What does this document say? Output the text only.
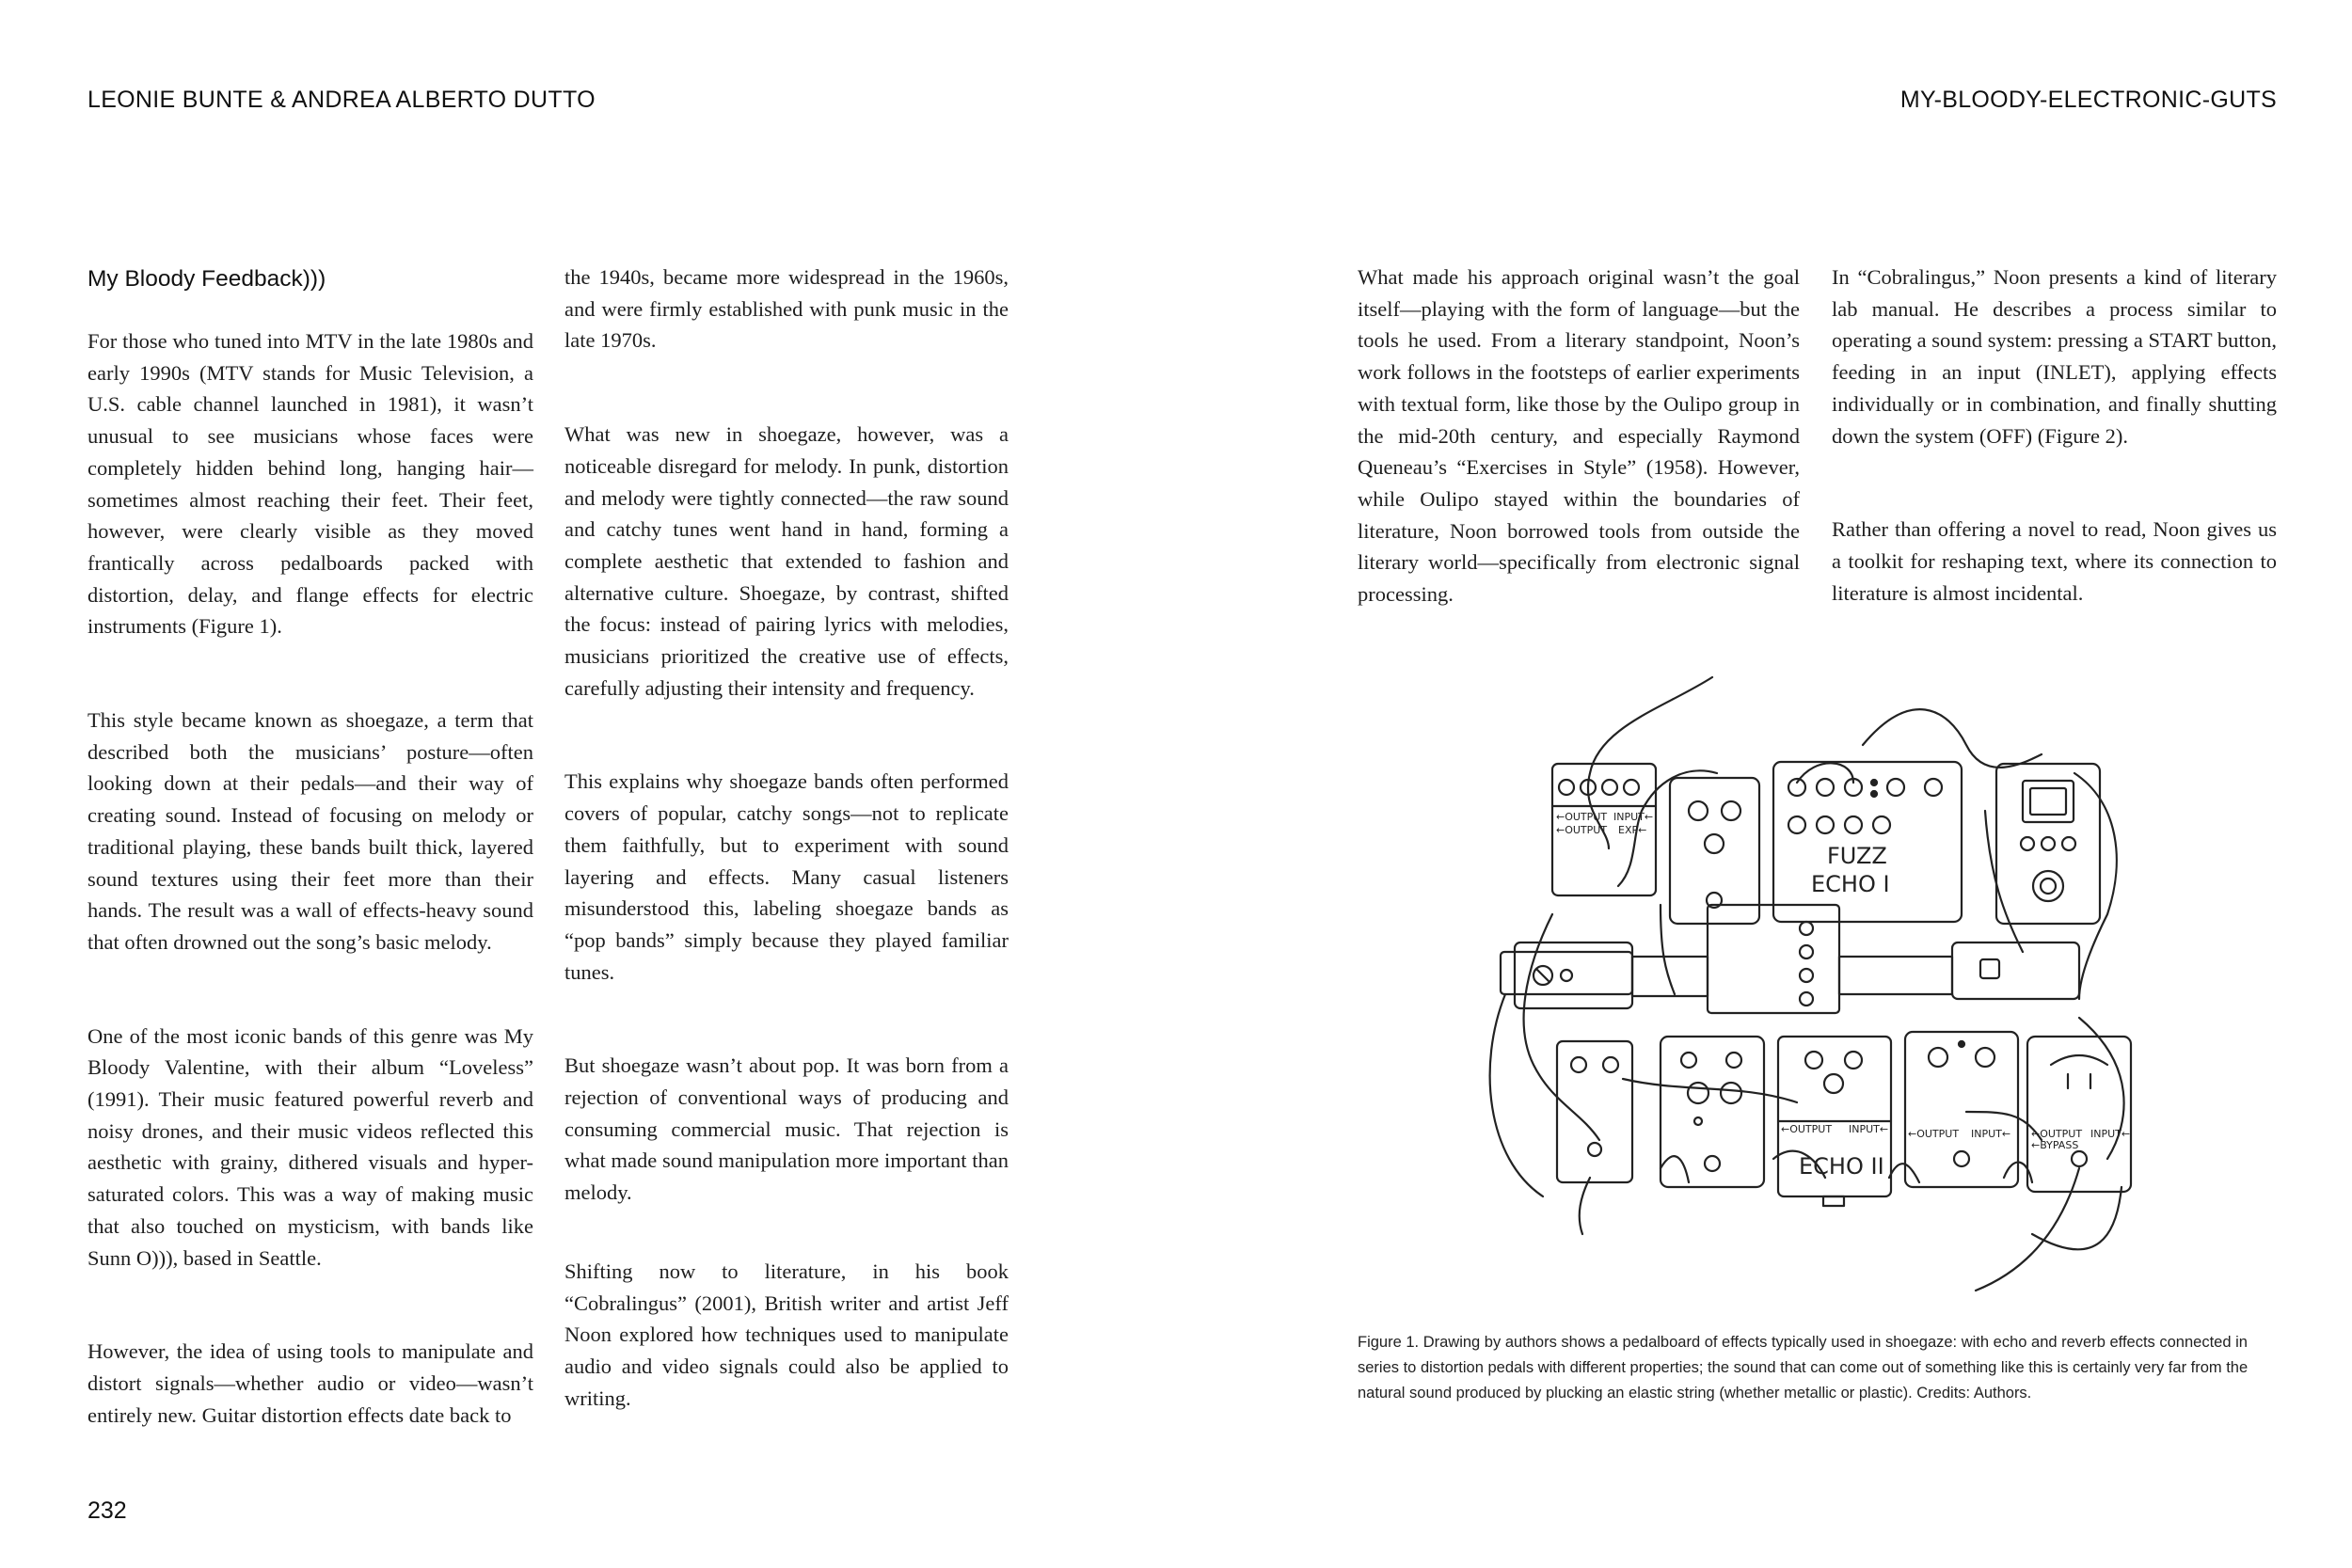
LEONIE BUNTE & ANDREA ALBERTO DUTTO
My Bloody Feedback)))

For those who tuned into MTV in the late 1980s and early 1990s (MTV stands for Music Television, a U.S. cable channel launched in 1981), it wasn’t unusual to see musicians whose faces were completely hidden behind long, hanging hair—sometimes almost reaching their feet. Their feet, however, were clearly visible as they moved frantically across pedalboards packed with distortion, delay, and flange effects for electric instruments (Figure 1).

This style became known as shoegaze, a term that described both the musicians’ posture—often looking down at their pedals—and their way of creating sound. Instead of focusing on melody or traditional playing, these bands built thick, layered sound textures using their feet more than their hands. The result was a wall of effects-heavy sound that often drowned out the song’s basic melody.

One of the most iconic bands of this genre was My Bloody Valentine, with their album “Loveless” (1991). Their music featured powerful reverb and noisy drones, and their music videos reflected this aesthetic with grainy, dithered visuals and hyper-saturated colors. This was a way of making music that also touched on mysticism, with bands like Sunn O))), based in Seattle.

However, the idea of using tools to manipulate and distort signals—whether audio or video—wasn’t entirely new. Guitar distortion effects date back to

the 1940s, became more widespread in the 1960s, and were firmly established with punk music in the late 1970s.

What was new in shoegaze, however, was a noticeable disregard for melody. In punk, distortion and melody were tightly connected—the raw sound and catchy tunes went hand in hand, forming a complete aesthetic that extended to fashion and alternative culture. Shoegaze, by contrast, shifted the focus: instead of pairing lyrics with melodies, musicians prioritized the creative use of effects, carefully adjusting their intensity and frequency.

This explains why shoegaze bands often performed covers of popular, catchy songs—not to replicate them faithfully, but to experiment with sound layering and effects. Many casual listeners misunderstood this, labeling shoegaze bands as “pop bands” simply because they played familiar tunes.

But shoegaze wasn’t about pop. It was born from a rejection of conventional ways of producing and consuming commercial music. That rejection is what made sound manipulation more important than melody.

Shifting now to literature, in his book “Cobralingus” (2001), British writer and artist Jeff Noon explored how techniques used to manipulate audio and video signals could also be applied to writing.

232
MY-BLOODY-ELECTRONIC-GUTS

What made his approach original wasn’t the goal itself—playing with the form of language—but the tools he used. From a literary standpoint, Noon’s work follows in the footsteps of earlier experiments with textual form, like those by the Oulipo group in the mid-20th century, and especially Raymond Queneau’s “Exercises in Style” (1958). However, while Oulipo stayed within the boundaries of literature, Noon borrowed tools from outside the literary world—specifically from electronic signal processing.

In “Cobralingus,” Noon presents a kind of literary lab manual. He describes a process similar to operating a sound system: pressing a START button, feeding in an input (INLET), applying effects individually or in combination, and finally shutting down the system (OFF) (Figure 2).

Rather than offering a novel to read, Noon gives us a toolkit for reshaping text, where its connection to literature is almost incidental.

←OUTPUT
←OUTPUT
INPUT←
EXP←
←OUTPUT INPUT← ←OUTPUT
←BYPASS
INPUT←
←OUTPUT INPUT←
FUZZ
ECHO I
ECHO II
Figure 1. Drawing by authors shows a pedalboard of effects typically used in shoegaze: with echo and reverb effects connected in series to distortion pedals with different properties; the sound that can come out of something like this is certainly very far from the natural sound produced by plucking an elastic string (whether metallic or plastic). Credits: Authors.
